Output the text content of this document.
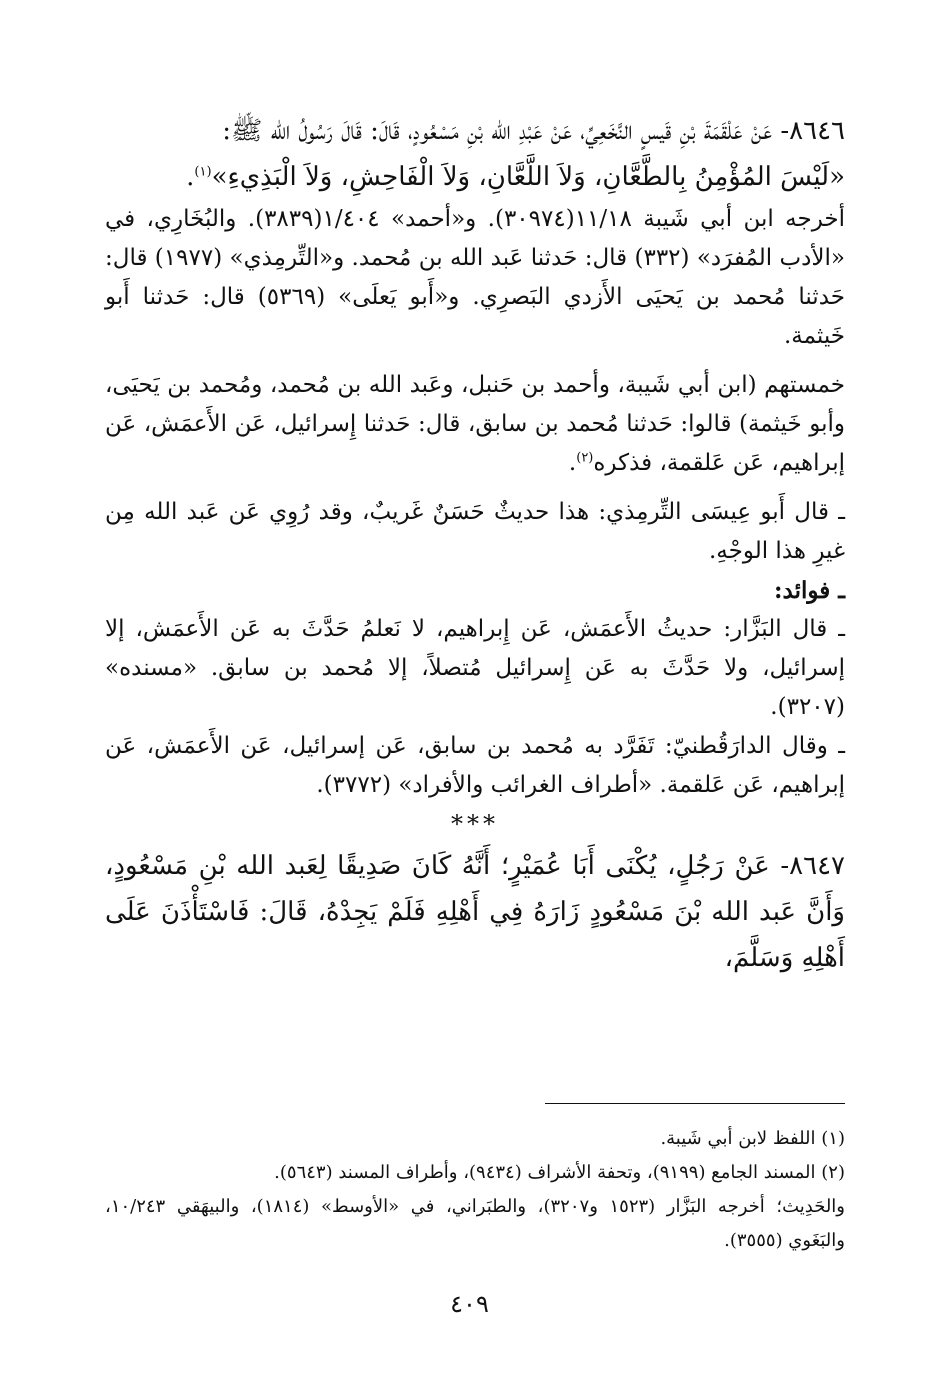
٨٦٤٦- عَنْ عَلْقَمَةَ بْنِ قَيسٍ النَّخَعِيِّ، عَنْ عَبْدِ الله بْنِ مَسْعُودٍ، قَالَ: قَالَ رَسُولُ الله ﷺ:

«لَيْسَ المُؤْمِنُ بِالطَّعَّانِ، وَلاَ اللَّعَّانِ، وَلاَ الْفَاحِشِ، وَلاَ الْبَذِيءِ»$^{(١)}$.

أخرجه ابن أبي شَيبة ١١/١٨(٣٠٩٧٤). و«أحمد» ١/٤٠٤(٣٨٣٩). والبُخَارِي، في «الأدب المُفرَد» (٣٣٢) قال: حَدثنا عَبد الله بن مُحمد. و«التِّرمِذي» (١٩٧٧) قال: حَدثنا مُحمد بن يَحيَى الأَزدي البَصرِي. و«أَبو يَعلَى» (٥٣٦٩) قال: حَدثنا أَبو خَيثمة.

خمستهم (ابن أبي شَيبة، وأحمد بن حَنبل، وعَبد الله بن مُحمد، ومُحمد بن يَحيَى، وأبو خَيثمة) قالوا: حَدثنا مُحمد بن سابق، قال: حَدثنا إِسرائيل، عَن الأَعمَش، عَن إبراهيم، عَن عَلقمة، فذكره$^{(٢)}$.

ـ قال أَبو عِيسَى التِّرمِذي: هذا حديثٌ حَسَنٌ غَريبٌ، وقد رُوِي عَن عَبد الله مِن غيرِ هذا الوجْهِ.

ـ فوائد:

ـ قال البَزَّار: حديثُ الأَعمَش، عَن إِبراهيم، لا نَعلمُ حَدَّثَ به عَن الأَعمَش، إلا إسرائيل، ولا حَدَّثَ به عَن إِسرائيل مُتصلاً، إلا مُحمد بن سابق. «مسنده» (٣٢٠٧).

ـ وقال الدارَقُطنيّ: تَفَرَّد به مُحمد بن سابق، عَن إسرائيل، عَن الأَعمَش، عَن إبراهيم، عَن عَلقمة. «أطراف الغرائب والأفراد» (٣٧٧٢).

***

٨٦٤٧- عَنْ رَجُلٍ، يُكْنَى أَبَا عُمَيْرٍ؛ أَنَّهُ كَانَ صَدِيقًا لِعَبد الله بْنِ مَسْعُودٍ، وَأَنَّ عَبد الله بْنَ مَسْعُودٍ زَارَهُ فِي أَهْلِهِ فَلَمْ يَجِدْهُ، قَالَ: فَاسْتَأْذَنَ عَلَى أَهْلِهِ وَسَلَّمَ،

(١) اللفظ لابن أبي شَيبة.

(٢) المسند الجامع (٩١٩٩)، وتحفة الأشراف (٩٤٣٤)، وأطراف المسند (٥٦٤٣).

والحَدِيث؛ أخرجه البَزَّار (١٥٢٣ و٣٢٠٧)، والطبَراني، في «الأوسط» (١٨١٤)، والبيهَقي ١٠/٢٤٣، والبَغَوي (٣٥٥٥).

٤٠٩
